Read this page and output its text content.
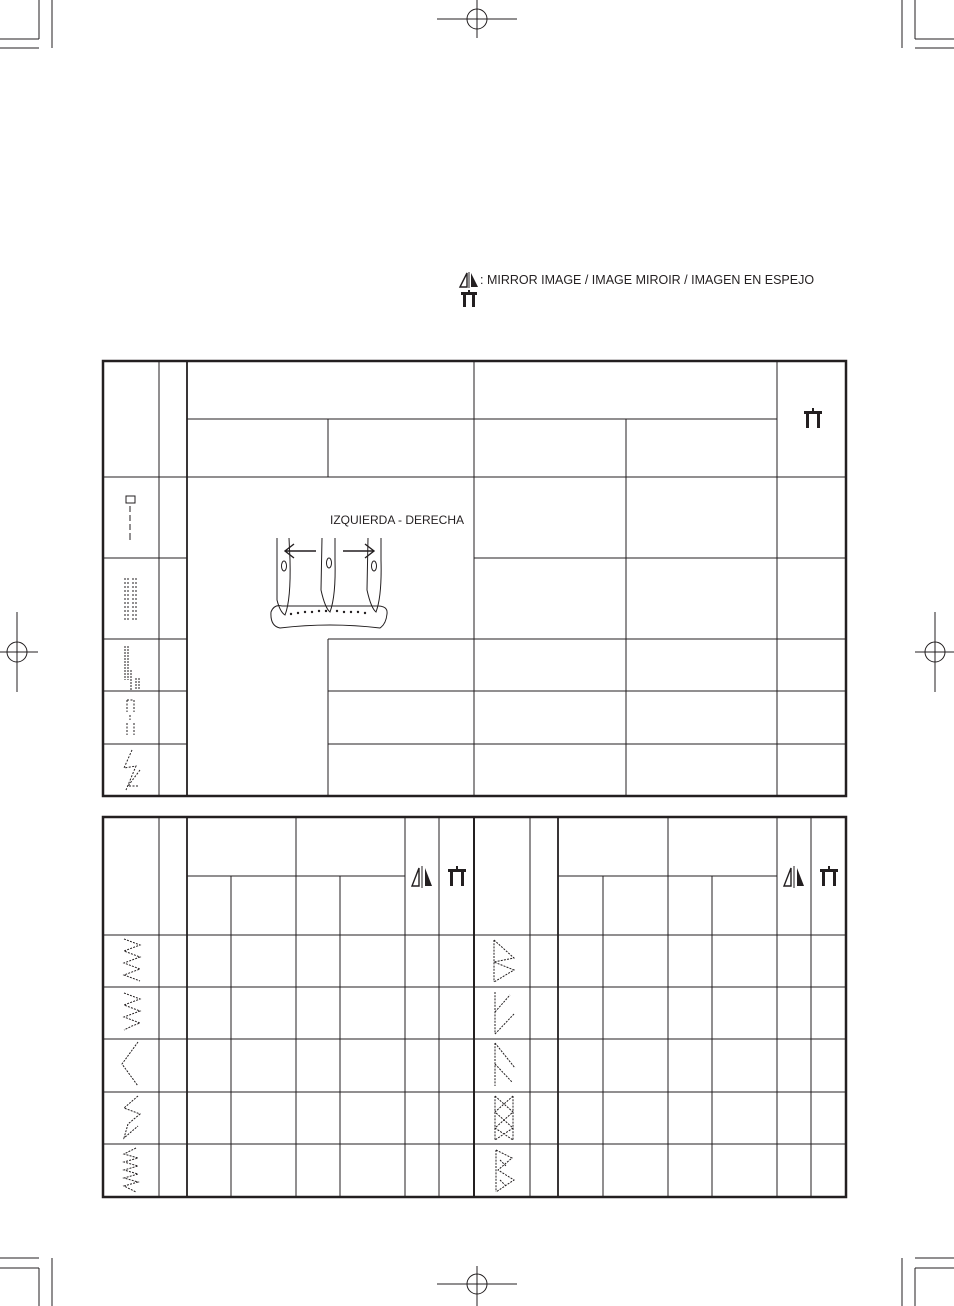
: MIRROR IMAGE / IMAGE MIROIR / IMAGEN EN ESPEJO
IZQUIERDA - DERECHA
